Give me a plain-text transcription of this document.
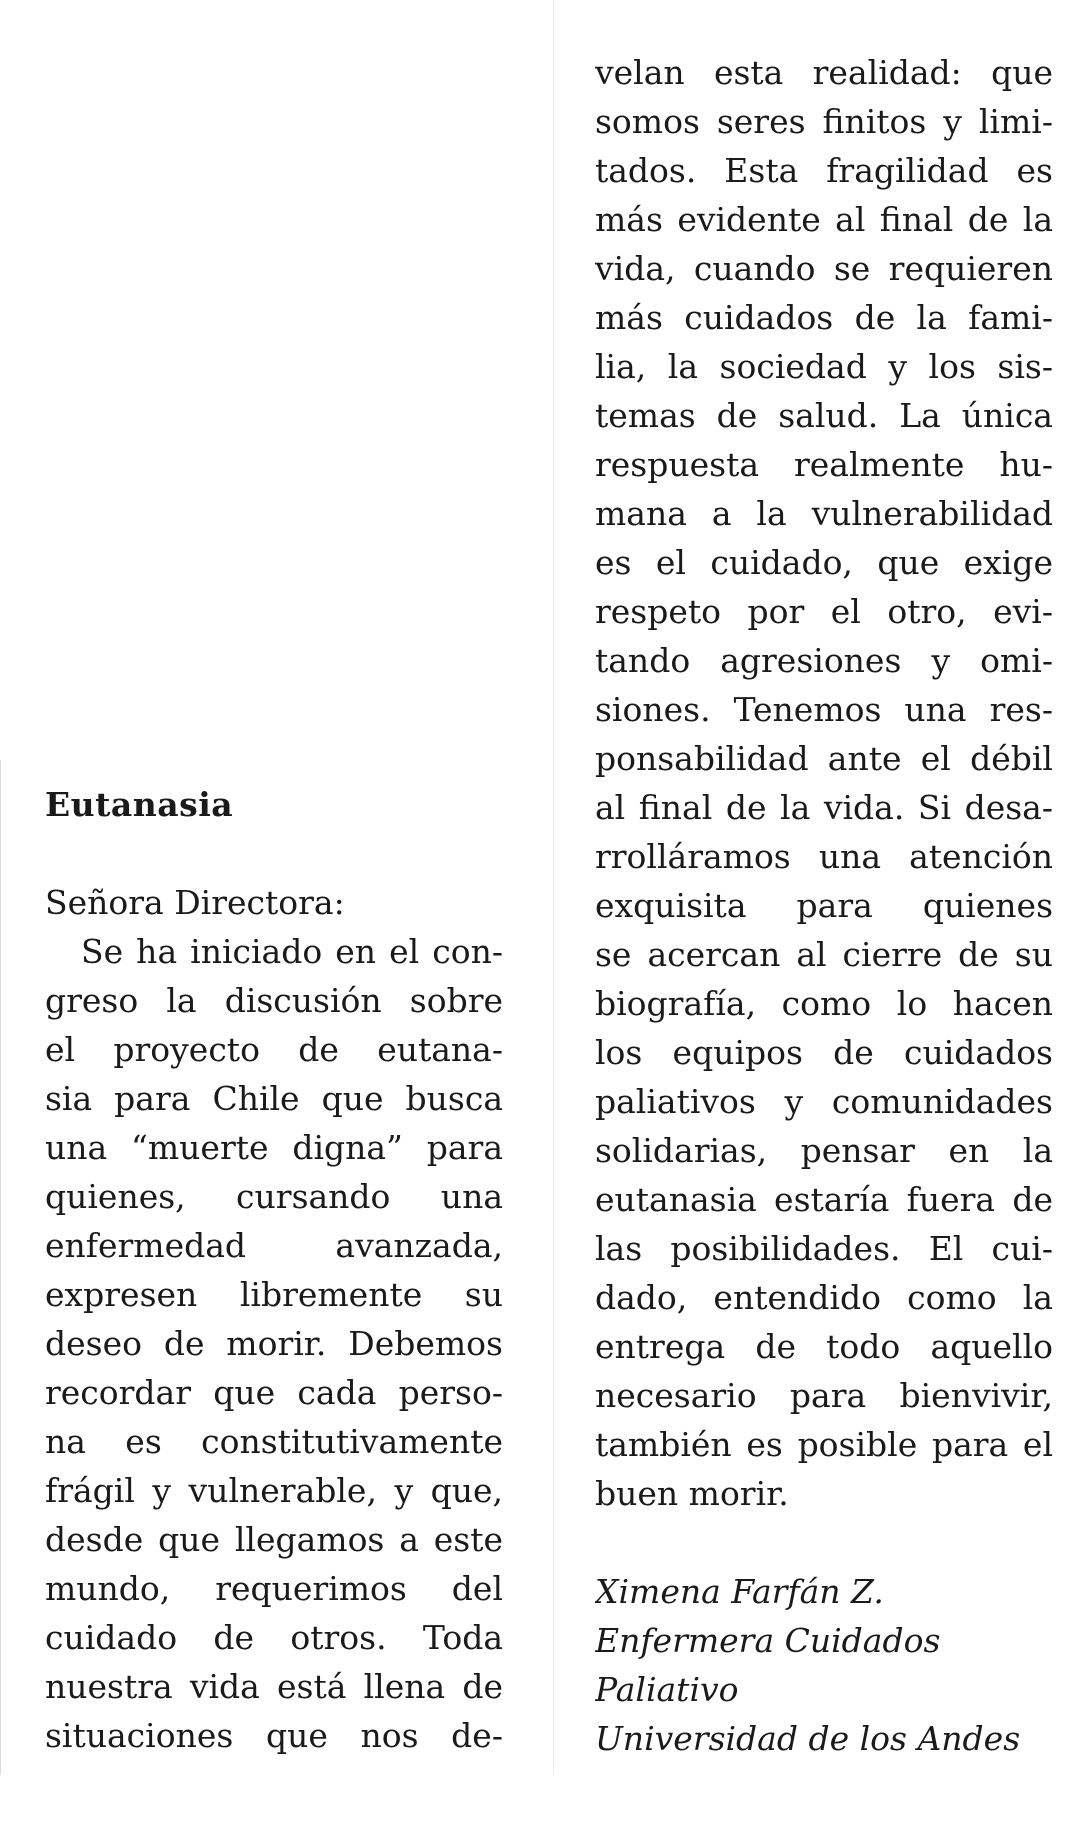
Eutanasia
Señora Directora:
Se ha iniciado en el con-
greso la discusión sobre
el proyecto de eutana-
sia para Chile que busca
una “muerte digna” para
quienes, cursando una
enfermedad avanzada,
expresen libremente su
deseo de morir. Debemos
recordar que cada perso-
na es constitutivamente
frágil y vulnerable, y que,
desde que llegamos a este
mundo, requerimos del
cuidado de otros. Toda
nuestra vida está llena de
situaciones que nos de-
velan esta realidad: que
somos seres finitos y limi-
tados. Esta fragilidad es
más evidente al final de la
vida, cuando se requieren
más cuidados de la fami-
lia, la sociedad y los sis-
temas de salud. La única
respuesta realmente hu-
mana a la vulnerabilidad
es el cuidado, que exige
respeto por el otro, evi-
tando agresiones y omi-
siones. Tenemos una res-
ponsabilidad ante el débil
al final de la vida. Si desa-
rrolláramos una atención
exquisita para quienes
se acercan al cierre de su
biografía, como lo hacen
los equipos de cuidados
paliativos y comunidades
solidarias, pensar en la
eutanasia estaría fuera de
las posibilidades. El cui-
dado, entendido como la
entrega de todo aquello
necesario para bienvivir,
también es posible para el
buen morir.
Ximena Farfán Z.
Enfermera Cuidados
Paliativo
Universidad de los Andes
